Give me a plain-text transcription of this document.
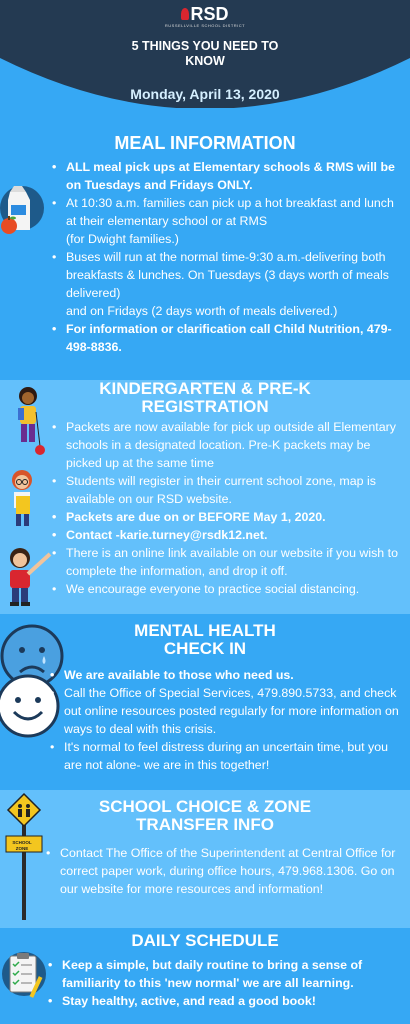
RSD
RUSSELLVILLE SCHOOL DISTRICT
5 THINGS YOU NEED TO
KNOW
Monday, April 13, 2020
MEAL INFORMATION
• ALL meal pick ups at Elementary schools & RMS will be on Tuesdays and Fridays ONLY.
• At 10:30 a.m. families can pick up a hot breakfast and lunch at their elementary school or at RMS
(for Dwight families.)
• Buses will run at the normal time-9:30 a.m.-delivering both breakfasts & lunches. On Tuesdays (3 days worth of meals delivered)
and on Fridays (2 days worth of meals delivered.)
• For information or clarification call Child Nutrition, 479-498-8836.
KINDERGARTEN & PRE-K
REGISTRATION
• Packets are now available for pick up outside all Elementary schools in a designated location. Pre-K packets may be picked up at the same time
• Students will register in their current school zone, map is available on our RSD website.
• Packets are due on or BEFORE May 1, 2020.
• Contact -karie.turney@rsdk12.net.
• There is an online link available on our website if you wish to complete the information, and drop it off.
• We encourage everyone to practice social distancing.
MENTAL HEALTH
CHECK IN
• We are available to those who need us.
• Call the Office of Special Services, 479.890.5733, and check out online resources posted regularly for more information on ways to deal with this crisis.
• It's normal to feel distress during an uncertain time, but you are not alone- we are in this together!
SCHOOL CHOICE & ZONE
TRANSFER INFO
SCHOOL ZONE
•	Contact The Office of the Superintendent at Central Office for correct paper work, during office hours, 479.968.1306. Go on our website for more resources and information!
DAILY SCHEDULE
• Keep a simple, but daily routine to bring a sense of familiarity to this 'new normal' we are all learning.
• Stay healthy, active, and read a good book!
